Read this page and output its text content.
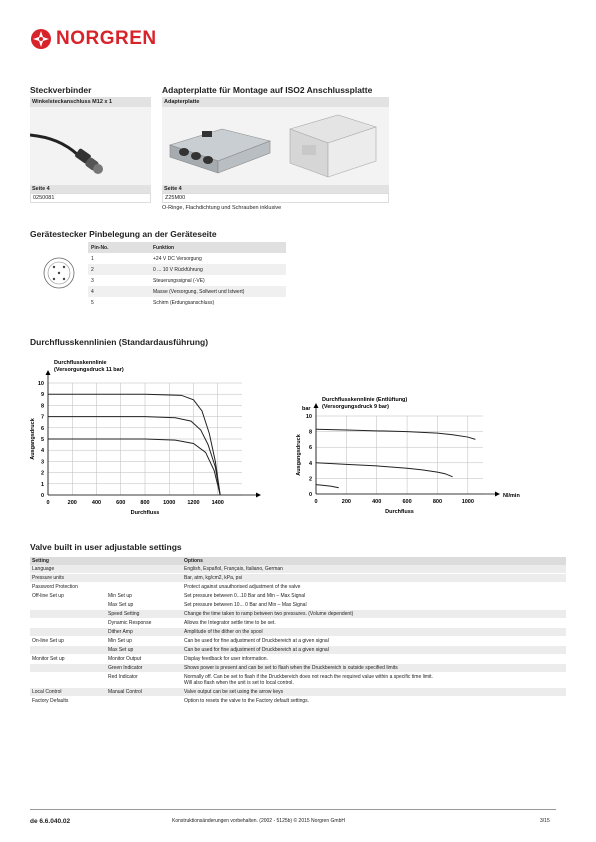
NORGREN
Steckverbinder
Winkelsteckanschluss M12 x 1
Seite 4
0250081
Adapterplatte für Montage auf ISO2 Anschlussplatte
Adapterplatte
Seite 4
Z25M00
O-Ringe, Flachdichtung und Schrauben inklusive
Gerätestecker Pinbelegung an der Geräteseite
Pin-No.	Funktion
1	+24 V DC Versorgung
2	0 ... 10 V Rückführung
3	Steuerungssignal (-VE)
4	Masse (Versorgung, Sollwert und Istwert)
5	Schirm (Erdungsanschluss)
Durchflusskennlinien (Standardausführung)
0
1
2
3
4
5
6
7
8
9
10
0	200	400	600	800 1000 1200 1400
Durchflusskennlinie
(Versorgungsdruck 11 bar)
Durchfluss
Ausgangsdruck
0
2
4
6
8
10
0	200	400	600	800	1000
Durchflusskennlinie (Entlüftung)
(Versorgungsdruck 9 bar)
Durchfluss
Ausgangsdruck
bar
Nl/min
Valve built in user adjustable settings
Setting		Options
Language		English, Español, Français, Italiano, German
Pressure units		Bar, atm, kg/cm2, kPa, psi
Password Protection		Protect against unauthorised adjustment of the valve
Off-line Set up	Min Set up	Set pressure between 0...10 Bar and Min – Max Signal
	Max Set up	Set pressure between 10... 0 Bar and Min – Max Signal
	Speed Setting	Change the time taken to ramp between two pressures. (Volume dependent)
	Dynamic Response	Allows the Integrator settle time to be set.
	Dither Amp	Amplitude of the dither on the spool
On-line Set up	Min Set up	Can be used for fine adjustment of Druckbereich at a given signal
	Max Set up	Can be used for fine adjustment of Druckbereich at a given signal
Monitor Set up	Monitor Output	Display feedback for user information.
	Green Indicator	Shows power is present and can be set to flash when the Druckbereich is outside specified limits
	Red Indicator	Normally off. Can be set to flash if the Druckbereich does not reach the required value within a specific time limit.
Will also flash when the unit is set to local control.
Local Control	Manual Control	Valve output can be set using the arrow keys
Factory Defaults		Option to resets the valve to the Factory default settings.
de 6.6.040.02	Konstruktionsänderungen vorbehalten. (2002 - 5125b) © 2015 Norgren GmbH	3/15
